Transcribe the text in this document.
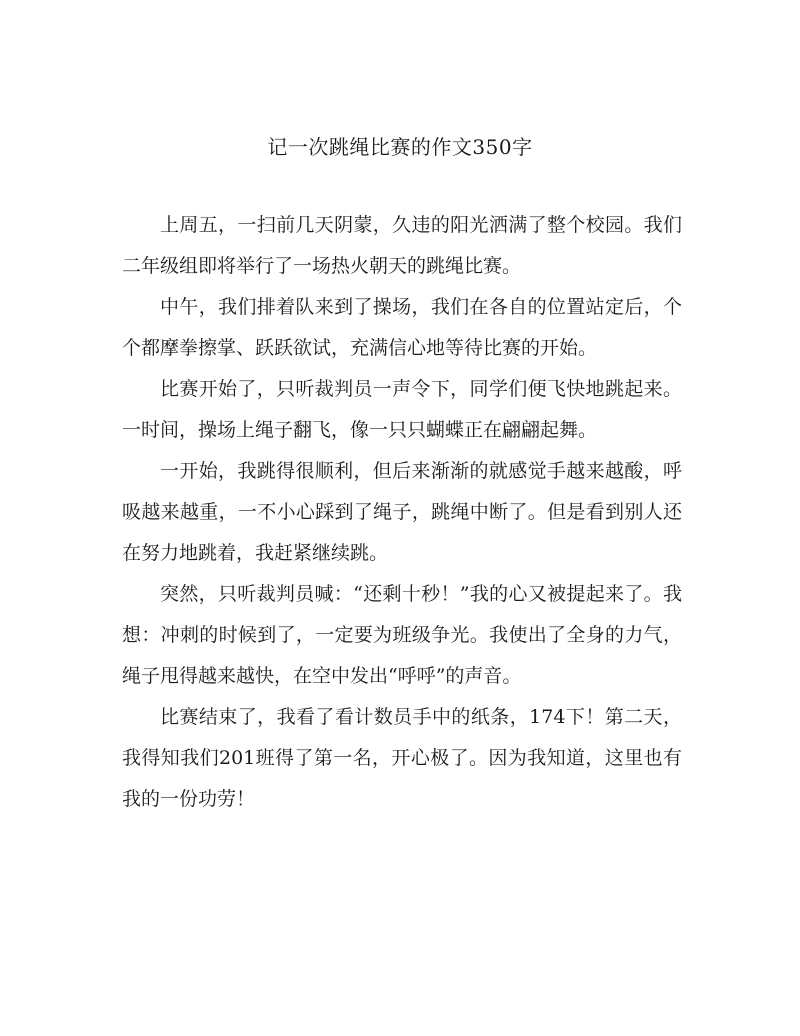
记一次跳绳比赛的作文350字

上周五，一扫前几天阴蒙，久违的阳光洒满了整个校园。我们二年级组即将举行了一场热火朝天的跳绳比赛。

中午，我们排着队来到了操场，我们在各自的位置站定后，个个都摩拳擦掌、跃跃欲试，充满信心地等待比赛的开始。

比赛开始了，只听裁判员一声令下，同学们便飞快地跳起来。一时间，操场上绳子翻飞，像一只只蝴蝶正在翩翩起舞。

一开始，我跳得很顺利，但后来渐渐的就感觉手越来越酸，呼吸越来越重，一不小心踩到了绳子，跳绳中断了。但是看到别人还在努力地跳着，我赶紧继续跳。

突然，只听裁判员喊：“还剩十秒！”我的心又被提起来了。我想：冲刺的时候到了，一定要为班级争光。我使出了全身的力气，绳子甩得越来越快，在空中发出“呼呼”的声音。

比赛结束了，我看了看计数员手中的纸条，174下！第二天，我得知我们201班得了第一名，开心极了。因为我知道，这里也有我的一份功劳！
